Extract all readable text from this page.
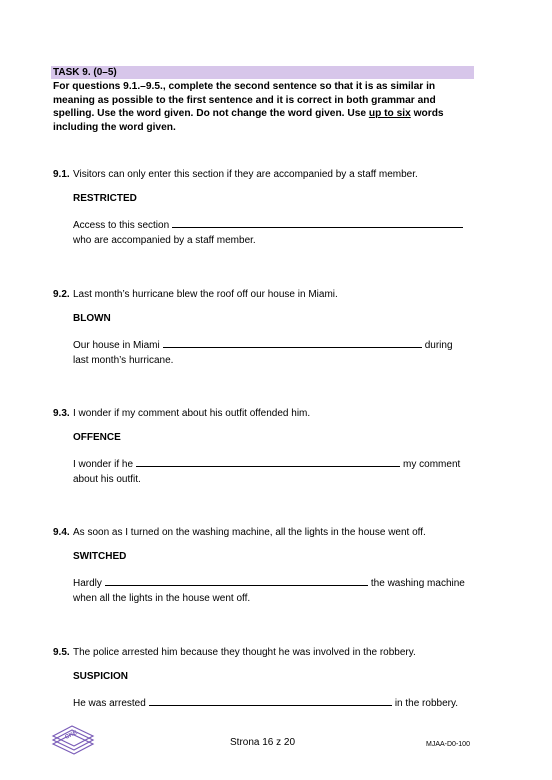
TASK 9. (0–5)
For questions 9.1.–9.5., complete the second sentence so that it is as similar in meaning as possible to the first sentence and it is correct in both grammar and spelling. Use the word given. Do not change the word given. Use up to six words including the word given.
9.1. Visitors can only enter this section if they are accompanied by a staff member.
RESTRICTED
Access to this section
who are accompanied by a staff member.
9.2. Last month’s hurricane blew the roof off our house in Miami.
BLOWN
Our house in Miami	during
last month’s hurricane.
9.3. I wonder if my comment about his outfit offended him.
OFFENCE
I wonder if he	my comment
about his outfit.
9.4. As soon as I turned on the washing machine, all the lights in the house went off.
SWITCHED
Hardly	the washing machine
when all the lights in the house went off.
9.5. The police arrested him because they thought he was involved in the robbery.
SUSPICION
He was arrested	in the robbery.
CKE
Strona 16 z 20	MJAA-D0-100
